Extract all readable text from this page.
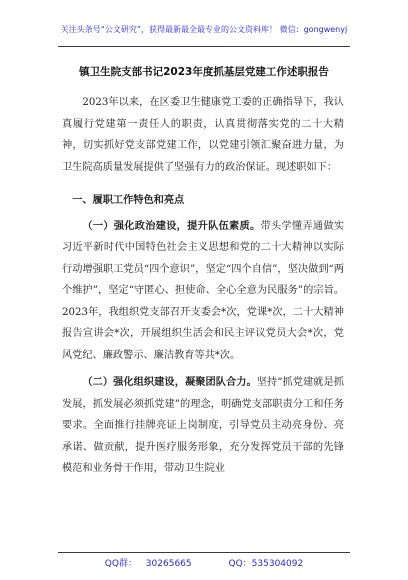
关注头条号“公文研究”，获得最新最全最专业的公文资料库！ 微信：gongwenyj
镇卫生院支部书记2023年度抓基层党建工作述职报告

2023年以来，在区委卫生健康党工委的正确指导下，我认真履行党建第一责任人的职责，认真贯彻落实党的二十大精神，切实抓好党支部党建工作，以党建引领汇聚奋进力量，为卫生院高质量发展提供了坚强有力的政治保证。现述职如下：

一、履职工作特色和亮点

（一）强化政治建设，提升队伍素质。带头学懂弄通做实习近平新时代中国特色社会主义思想和党的二十大精神以实际行动增强职工党员“四个意识”，坚定“四个自信”，坚决做到“两个维护”，坚定“守匿心、担使命、全心全意为民服务”的宗旨。2023年，我组织党支部召开支委会*次，党课*次，二十大精神报告宣讲会*次，开展组织生活会和民主评议党员大会*次，党风党纪、廉政警示、廉洁教育等共*次。

（二）强化组织建设，凝聚团队合力。坚持“抓党建就是抓发展，抓发展必须抓党建”的理念，明确党支部职责分工和任务要求。全面推行挂牌亮证上岗制度，引导党员主动亮身份、亮承诺、做贡献，提升医疗服务形象，充分发挥党员干部的先锋模范和业务骨干作用，带动卫生院业

QQ群： 30265665	QQ：535304092
